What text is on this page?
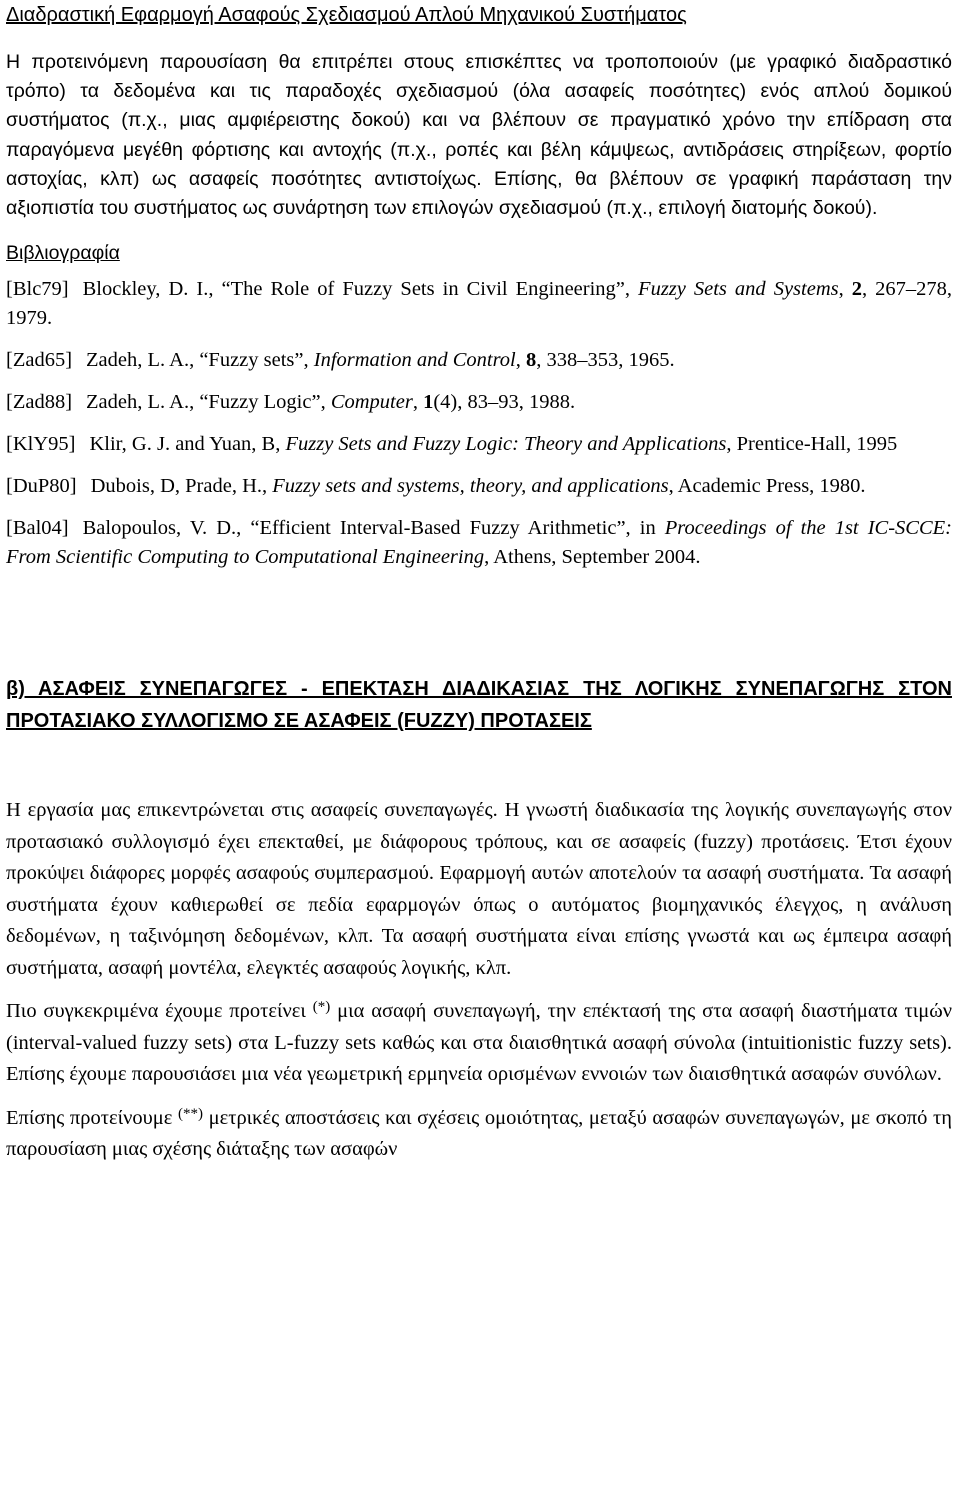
Διαδραστική Εφαρμογή Ασαφούς Σχεδιασμού Απλού Μηχανικού Συστήματος

Η προτεινόμενη παρουσίαση θα επιτρέπει στους επισκέπτες να τροποποιούν (με γραφικό διαδραστικό τρόπο) τα δεδομένα και τις παραδοχές σχεδιασμού (όλα ασαφείς ποσότητες) ενός απλού δομικού συστήματος (π.χ., μιας αμφιέρειστης δοκού) και να βλέπουν σε πραγματικό χρόνο την επίδραση στα παραγόμενα μεγέθη φόρτισης και αντοχής (π.χ., ροπές και βέλη κάμψεως, αντιδράσεις στηρίξεων, φορτίο αστοχίας, κλπ) ως ασαφείς ποσότητες αντιστοίχως. Επίσης, θα βλέπουν σε γραφική παράσταση την αξιοπιστία του συστήματος ως συνάρτηση των επιλογών σχεδιασμού (π.χ., επιλογή διατομής δοκού).

Βιβλιογραφία

[Blc79] Blockley, D. I., “The Role of Fuzzy Sets in Civil Engineering”, Fuzzy Sets and Systems, 2, 267–278, 1979.

[Zad65] Zadeh, L. A., “Fuzzy sets”, Information and Control, 8, 338–353, 1965.

[Zad88] Zadeh, L. A., “Fuzzy Logic”, Computer, 1(4), 83–93, 1988.

[KlY95] Klir, G. J. and Yuan, B, Fuzzy Sets and Fuzzy Logic: Theory and Applications, Prentice-Hall, 1995

[DuP80] Dubois, D, Prade, H., Fuzzy sets and systems, theory, and applications, Academic Press, 1980.

[Bal04] Balopoulos, V. D., “Efficient Interval-Based Fuzzy Arithmetic”, in Proceedings of the 1st IC-SCCE: From Scientific Computing to Computational Engineering, Athens, September 2004.

β) ΑΣΑΦΕΙΣ ΣΥΝΕΠΑΓΩΓΕΣ - ΕΠΕΚΤΑΣΗ ΔΙΑΔΙΚΑΣΙΑΣ ΤΗΣ ΛΟΓΙΚΗΣ ΣΥΝΕΠΑΓΩΓΗΣ ΣΤΟΝ ΠΡΟΤΑΣΙΑΚΟ ΣΥΛΛΟΓΙΣΜΟ ΣΕ ΑΣΑΦΕΙΣ (FUZZY) ΠΡΟΤΑΣΕΙΣ

Η εργασία μας επικεντρώνεται στις ασαφείς συνεπαγωγές. Η γνωστή διαδικασία της λογικής συνεπαγωγής στον προτασιακό συλλογισμό έχει επεκταθεί, με διάφορους τρόπους, και σε ασαφείς (fuzzy) προτάσεις. Έτσι έχουν προκύψει διάφορες μορφές ασαφούς συμπερασμού. Εφαρμογή αυτών αποτελούν τα ασαφή συστήματα. Τα ασαφή συστήματα έχουν καθιερωθεί σε πεδία εφαρμογών όπως ο αυτόματος βιομηχανικός έλεγχος, η ανάλυση δεδομένων, η ταξινόμηση δεδομένων, κλπ. Τα ασαφή συστήματα είναι επίσης γνωστά και ως έμπειρα ασαφή συστήματα, ασαφή μοντέλα, ελεγκτές ασαφούς λογικής, κλπ.

Πιο συγκεκριμένα έχουμε προτείνει (*) μια ασαφή συνεπαγωγή, την επέκτασή της στα ασαφή διαστήματα τιμών (interval-valued fuzzy sets) στα L-fuzzy sets καθώς και στα διαισθητικά ασαφή σύνολα (intuitionistic fuzzy sets). Επίσης έχουμε παρουσιάσει μια νέα γεωμετρική ερμηνεία ορισμένων εννοιών των διαισθητικά ασαφών συνόλων.

Επίσης προτείνουμε (**) μετρικές αποστάσεις και σχέσεις ομοιότητας, μεταξύ ασαφών συνεπαγωγών, με σκοπό τη παρουσίαση μιας σχέσης διάταξης των ασαφών
